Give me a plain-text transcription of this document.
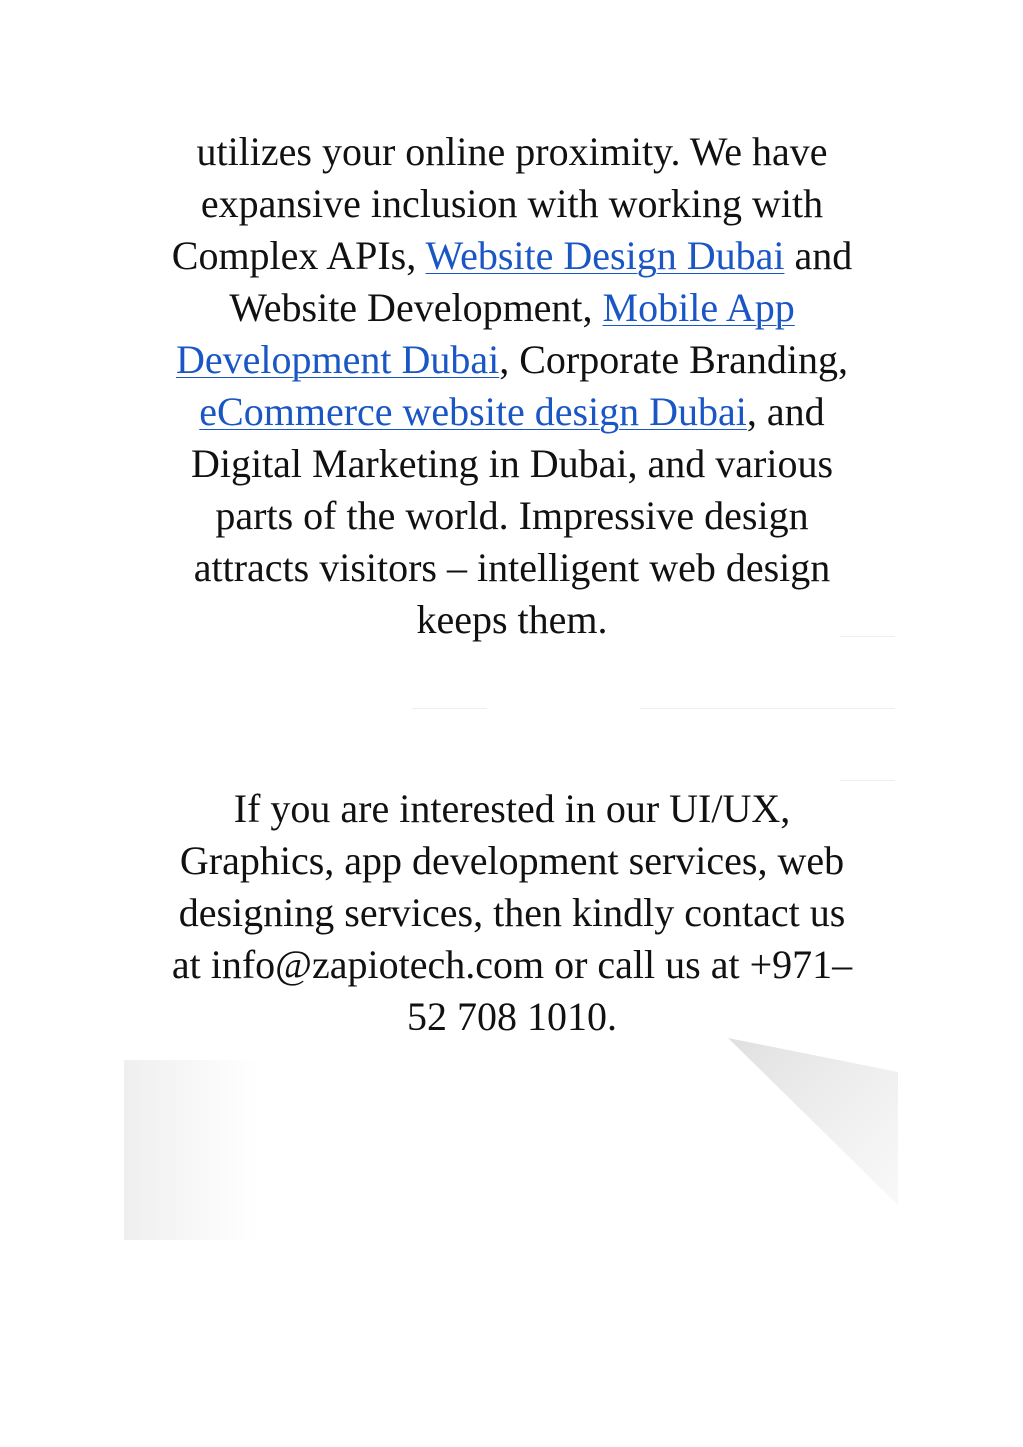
utilizes your online proximity. We have
expansive inclusion with working with
Complex APIs, Website Design Dubai and
Website Development, Mobile App
Development Dubai, Corporate Branding,
eCommerce website design Dubai, and
Digital Marketing in Dubai, and various
parts of the world. Impressive design
attracts visitors – intelligent web design
keeps them.

If you are interested in our UI/UX,
Graphics, app development services, web
designing services, then kindly contact us
at info@zapiotech.com or call us at +971–
52 708 1010.
